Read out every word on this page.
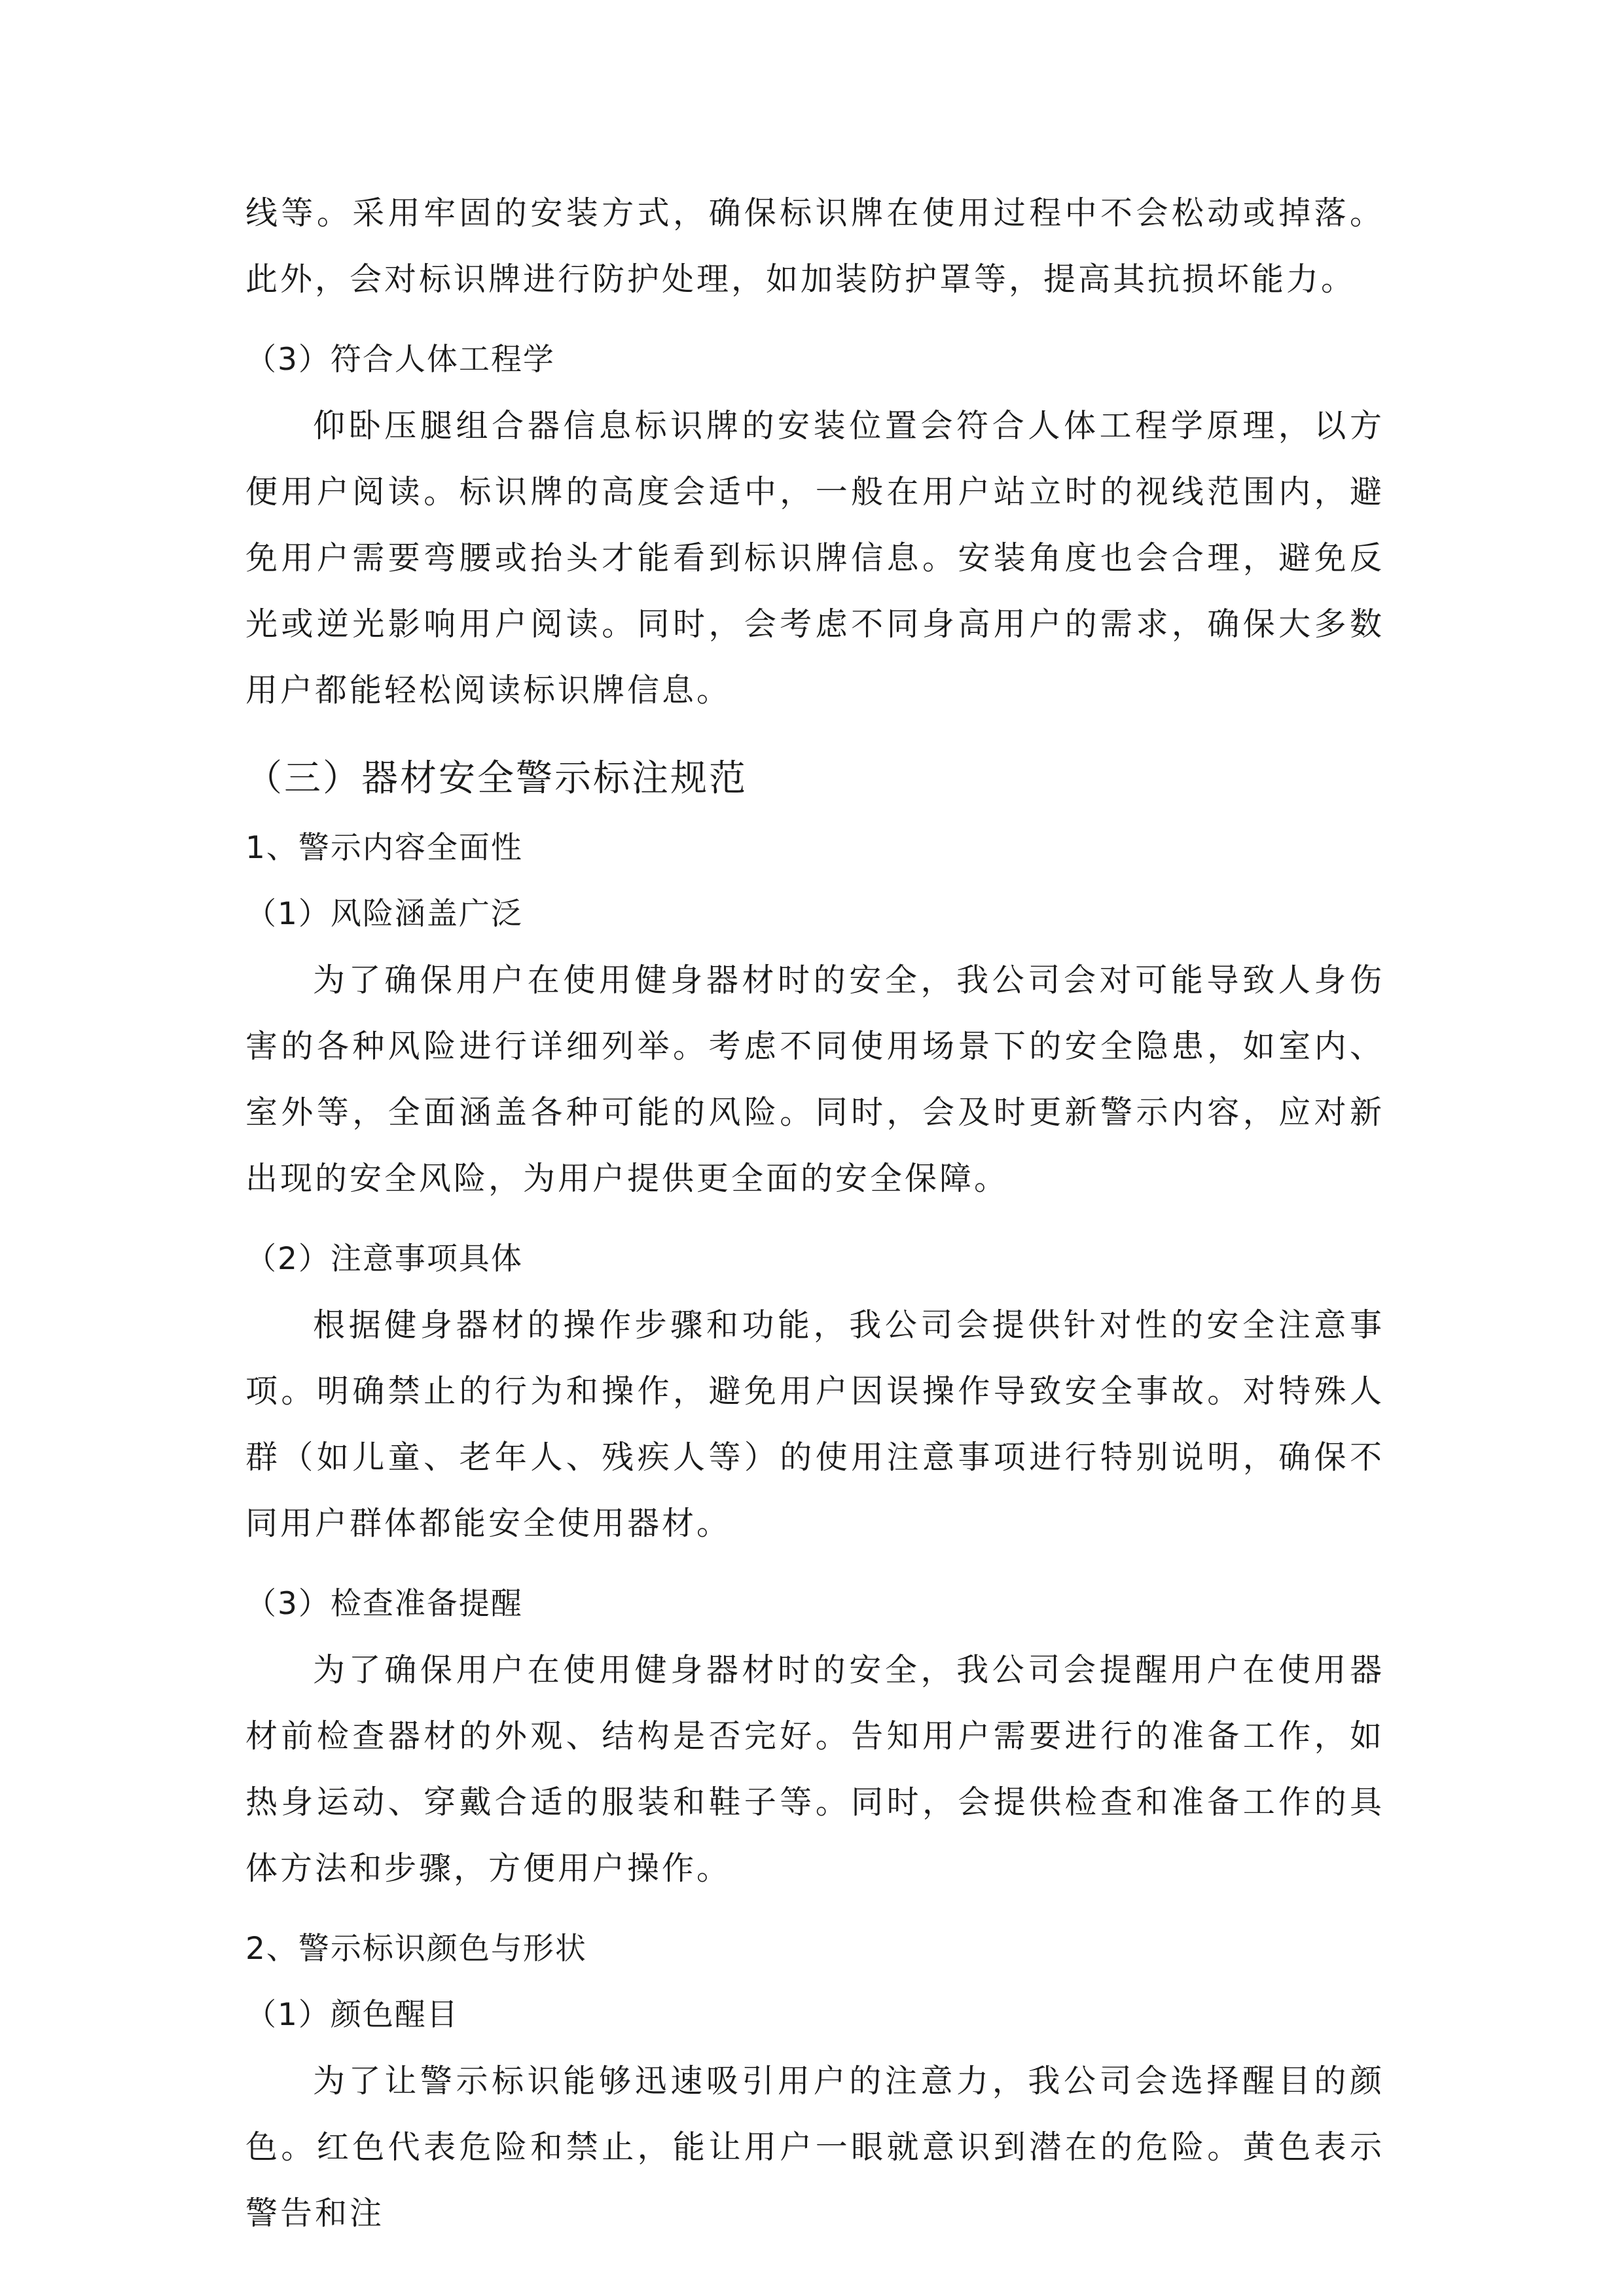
线等。采用牢固的安装方式，确保标识牌在使用过程中不会松动或掉落。此外，会对标识牌进行防护处理，如加装防护罩等，提高其抗损坏能力。

（3）符合人体工程学

仰卧压腿组合器信息标识牌的安装位置会符合人体工程学原理，以方便用户阅读。标识牌的高度会适中，一般在用户站立时的视线范围内，避免用户需要弯腰或抬头才能看到标识牌信息。安装角度也会合理，避免反光或逆光影响用户阅读。同时，会考虑不同身高用户的需求，确保大多数用户都能轻松阅读标识牌信息。

（三）器材安全警示标注规范

1、警示内容全面性

（1）风险涵盖广泛

为了确保用户在使用健身器材时的安全，我公司会对可能导致人身伤害的各种风险进行详细列举。考虑不同使用场景下的安全隐患，如室内、室外等，全面涵盖各种可能的风险。同时，会及时更新警示内容，应对新出现的安全风险，为用户提供更全面的安全保障。

（2）注意事项具体

根据健身器材的操作步骤和功能，我公司会提供针对性的安全注意事项。明确禁止的行为和操作，避免用户因误操作导致安全事故。对特殊人群（如儿童、老年人、残疾人等）的使用注意事项进行特别说明，确保不同用户群体都能安全使用器材。

（3）检查准备提醒

为了确保用户在使用健身器材时的安全，我公司会提醒用户在使用器材前检查器材的外观、结构是否完好。告知用户需要进行的准备工作，如热身运动、穿戴合适的服装和鞋子等。同时，会提供检查和准备工作的具体方法和步骤，方便用户操作。

2、警示标识颜色与形状

（1）颜色醒目

为了让警示标识能够迅速吸引用户的注意力，我公司会选择醒目的颜色。红色代表危险和禁止，能让用户一眼就意识到潜在的危险。黄色表示警告和注
